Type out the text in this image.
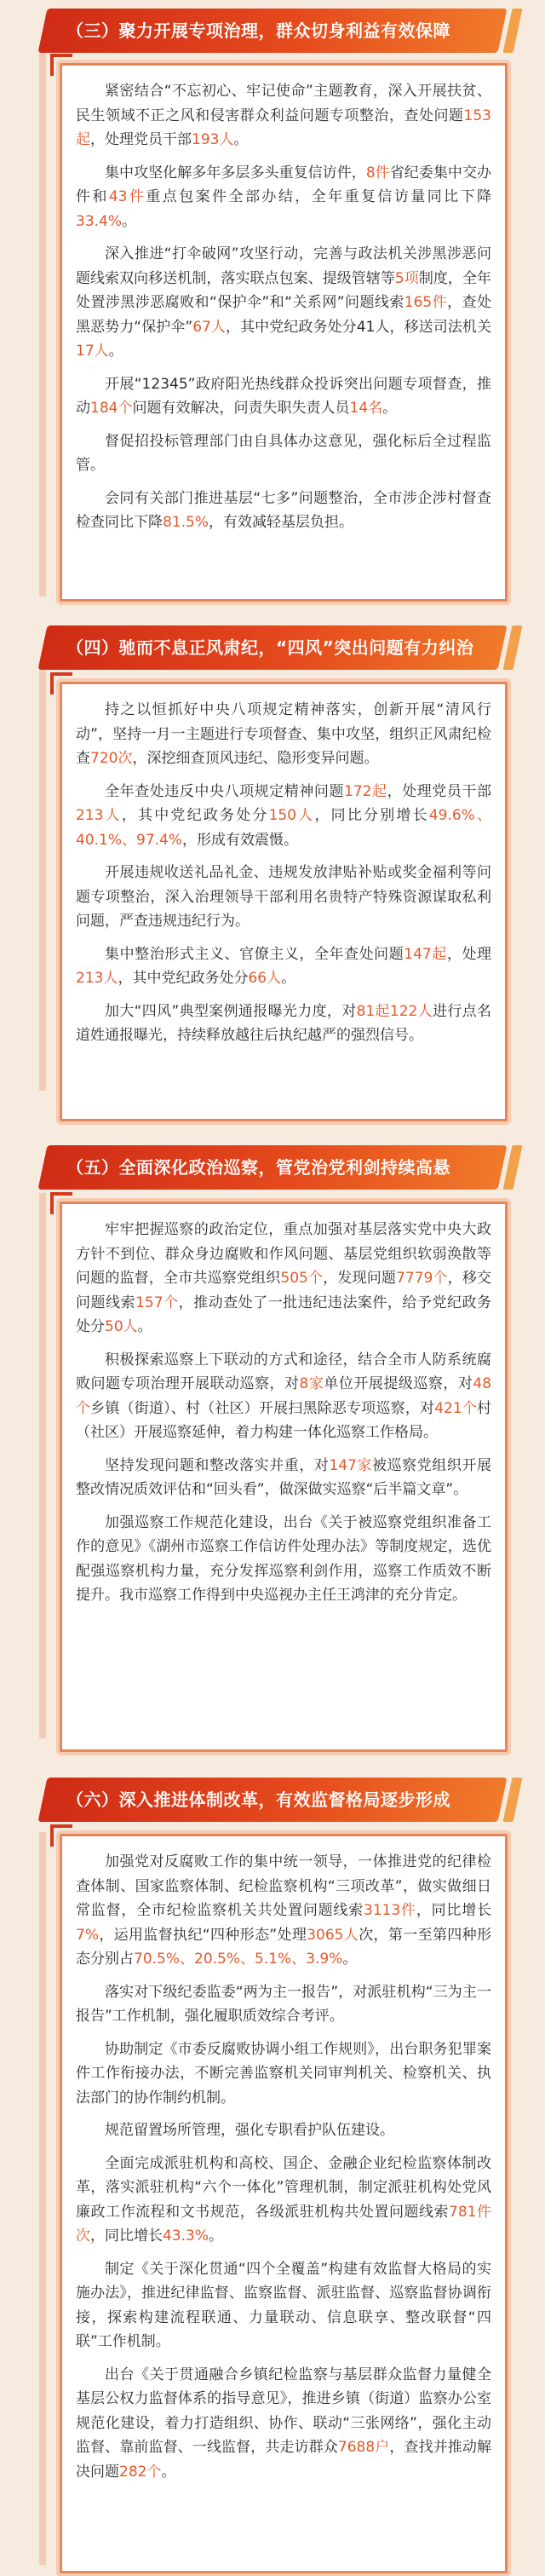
（三）聚力开展专项治理，群众切身利益有效保障

紧密结合“不忘初心、牢记使命”主题教育，深入开展扶贫、民生领域不正之风和侵害群众利益问题专项整治，查处问题153起，处理党员干部193人。

集中攻坚化解多年多层多头重复信访件，8件省纪委集中交办件和43件重点包案件全部办结，全年重复信访量同比下降33.4%。

深入推进“打伞破网”攻坚行动，完善与政法机关涉黑涉恶问题线索双向移送机制，落实联点包案、提级管辖等5项制度，全年处置涉黑涉恶腐败和“保护伞”和“关系网”问题线索165件，查处黑恶势力“保护伞”67人，其中党纪政务处分41人，移送司法机关17人。

开展“12345”政府阳光热线群众投诉突出问题专项督查，推动184个问题有效解决，问责失职失责人员14名。

督促招投标管理部门由自具体办这意见，强化标后全过程监管。

会同有关部门推进基层“七多”问题整治，全市涉企涉村督查检查同比下降81.5%，有效减轻基层负担。

（四）驰而不息正风肃纪，“四风”突出问题有力纠治

持之以恒抓好中央八项规定精神落实，创新开展“清风行动”，坚持一月一主题进行专项督查、集中攻坚，组织正风肃纪检查720次，深挖细查顶风违纪、隐形变异问题。

全年查处违反中央八项规定精神问题172起，处理党员干部213人，其中党纪政务处分150人，同比分别增长49.6%、40.1%、97.4%，形成有效震慑。

开展违规收送礼品礼金、违规发放津贴补贴或奖金福利等问题专项整治，深入治理领导干部利用名贵特产特殊资源谋取私利问题，严查违规违纪行为。

集中整治形式主义、官僚主义，全年查处问题147起，处理213人，其中党纪政务处分66人。

加大“四风”典型案例通报曝光力度，对81起122人进行点名道姓通报曝光，持续释放越往后执纪越严的强烈信号。

（五）全面深化政治巡察，管党治党利剑持续高悬

牢牢把握巡察的政治定位，重点加强对基层落实党中央大政方针不到位、群众身边腐败和作风问题、基层党组织软弱涣散等问题的监督，全市共巡察党组织505个，发现问题7779个，移交问题线索157个，推动查处了一批违纪违法案件，给予党纪政务处分50人。

积极探索巡察上下联动的方式和途径，结合全市人防系统腐败问题专项治理开展联动巡察，对8家单位开展提级巡察，对48个乡镇（街道）、村（社区）开展扫黑除恶专项巡察，对421个村（社区）开展巡察延伸，着力构建一体化巡察工作格局。

坚持发现问题和整改落实并重，对147家被巡察党组织开展整改情况质效评估和“回头看”，做深做实巡察“后半篇文章”。

加强巡察工作规范化建设，出台《关于被巡察党组织准备工作的意见》《湖州市巡察工作信访件处理办法》等制度规定，选优配强巡察机构力量，充分发挥巡察利剑作用，巡察工作质效不断提升。我市巡察工作得到中央巡视办主任王鸿津的充分肯定。

（六）深入推进体制改革，有效监督格局逐步形成

加强党对反腐败工作的集中统一领导，一体推进党的纪律检查体制、国家监察体制、纪检监察机构“三项改革”，做实做细日常监督，全市纪检监察机关共处置问题线索3113件，同比增长7%，运用监督执纪“四种形态”处理3065人次，第一至第四种形态分别占70.5%、20.5%、5.1%、3.9%。

落实对下级纪委监委“两为主一报告”，对派驻机构“三为主一报告”工作机制，强化履职质效综合考评。

协助制定《市委反腐败协调小组工作规则》，出台职务犯罪案件工作衔接办法，不断完善监察机关同审判机关、检察机关、执法部门的协作制约机制。

规范留置场所管理，强化专职看护队伍建设。

全面完成派驻机构和高校、国企、金融企业纪检监察体制改革，落实派驻机构“六个一体化”管理机制，制定派驻机构处党风廉政工作流程和文书规范，各级派驻机构共处置问题线索781件次，同比增长43.3%。

制定《关于深化贯通“四个全覆盖”构建有效监督大格局的实施办法》，推进纪律监督、监察监督、派驻监督、巡察监督协调衔接，探索构建流程联通、力量联动、信息联享、整改联督“四联”工作机制。

出台《关于贯通融合乡镇纪检监察与基层群众监督力量健全基层公权力监督体系的指导意见》，推进乡镇（街道）监察办公室规范化建设，着力打造组织、协作、联动“三张网络”，强化主动监督、靠前监督、一线监督，共走访群众7688户，查找并推动解决问题282个。
